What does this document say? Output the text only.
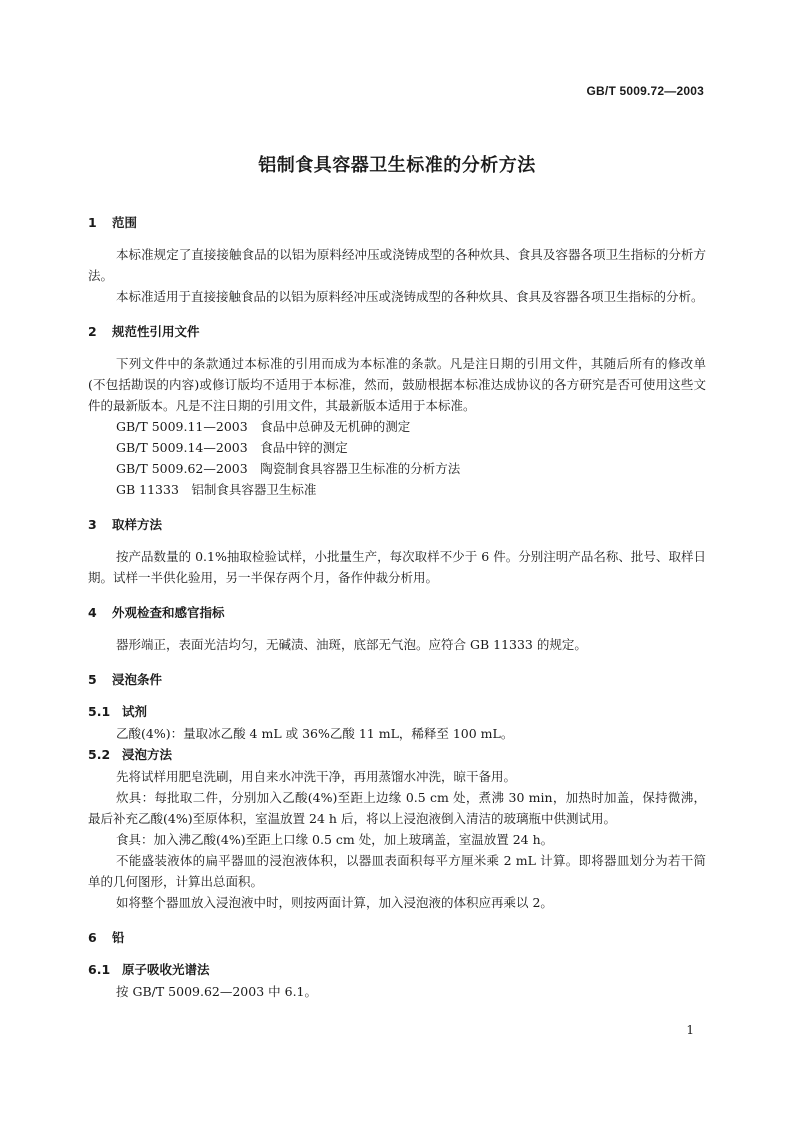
GB/T 5009.72—2003
铝制食具容器卫生标准的分析方法
1 范围

本标准规定了直接接触食品的以铝为原料经冲压或浇铸成型的各种炊具、食具及容器各项卫生指标的分析方法。

本标准适用于直接接触食品的以铝为原料经冲压或浇铸成型的各种炊具、食具及容器各项卫生指标的分析。

2 规范性引用文件

下列文件中的条款通过本标准的引用而成为本标准的条款。凡是注日期的引用文件，其随后所有的修改单(不包括勘误的内容)或修订版均不适用于本标准，然而，鼓励根据本标准达成协议的各方研究是否可使用这些文件的最新版本。凡是不注日期的引用文件，其最新版本适用于本标准。

GB/T 5009.11—2003　食品中总砷及无机砷的测定

GB/T 5009.14—2003　食品中锌的测定

GB/T 5009.62—2003　陶瓷制食具容器卫生标准的分析方法

GB 11333　铝制食具容器卫生标准

3 取样方法

按产品数量的 0.1%抽取检验试样，小批量生产，每次取样不少于 6 件。分别注明产品名称、批号、取样日期。试样一半供化验用，另一半保存两个月，备作仲裁分析用。

4 外观检查和感官指标

器形端正，表面光洁均匀，无碱渍、油斑，底部无气泡。应符合 GB 11333 的规定。

5 浸泡条件
5.1 试剂

乙酸(4%)：量取冰乙酸 4 mL 或 36%乙酸 11 mL，稀释至 100 mL。

5.2 浸泡方法

先将试样用肥皂洗刷，用自来水冲洗干净，再用蒸馏水冲洗，晾干备用。

炊具：每批取二件，分别加入乙酸(4%)至距上边缘 0.5 cm 处，煮沸 30 min，加热时加盖，保持微沸，最后补充乙酸(4%)至原体积，室温放置 24 h 后，将以上浸泡液倒入清洁的玻璃瓶中供测试用。

食具：加入沸乙酸(4%)至距上口缘 0.5 cm 处，加上玻璃盖，室温放置 24 h。

不能盛装液体的扁平器皿的浸泡液体积，以器皿表面积每平方厘米乘 2 mL 计算。即将器皿划分为若干简单的几何图形，计算出总面积。

如将整个器皿放入浸泡液中时，则按两面计算，加入浸泡液的体积应再乘以 2。

6 铅
6.1 原子吸收光谱法

按 GB/T 5009.62—2003 中 6.1。

1
